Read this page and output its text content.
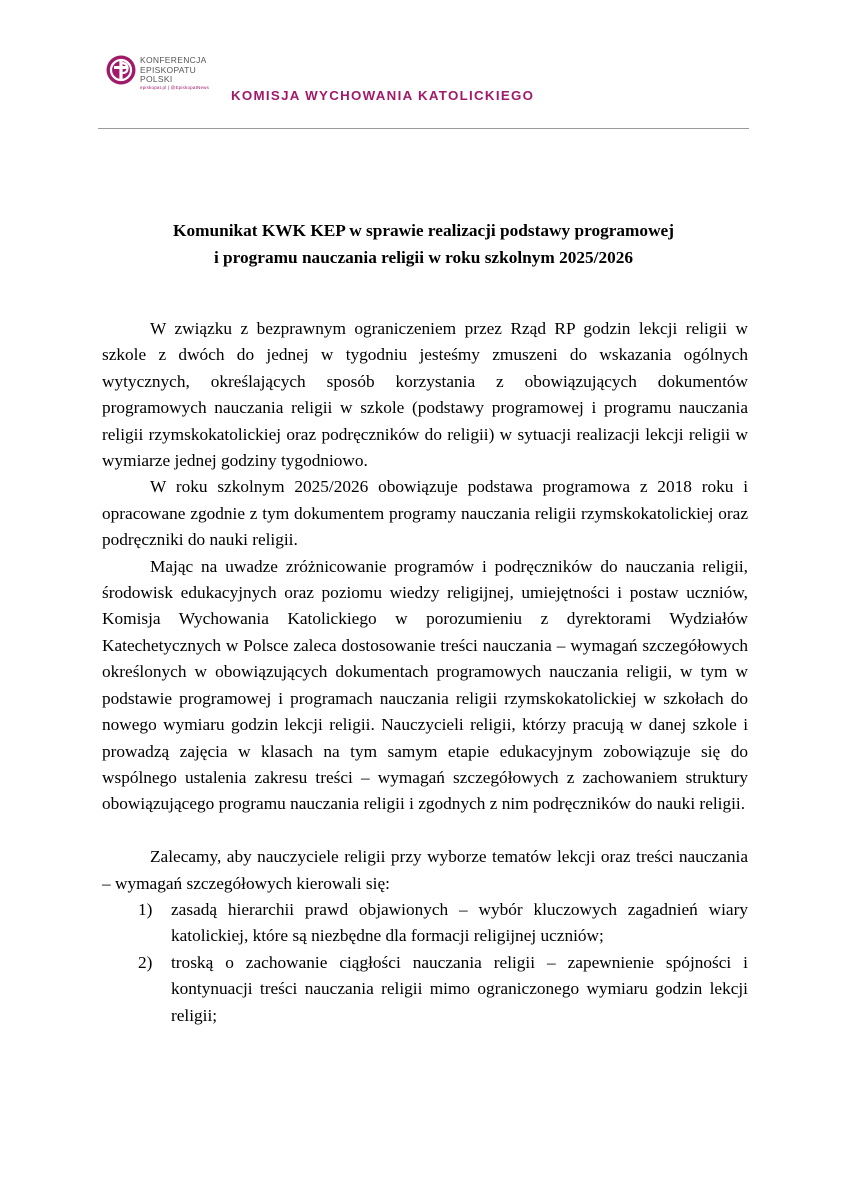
KONFERENCJA
EPISKOPATU
POLSKI
episkopat.pl | @EpiskopatNews
KOMISJA WYCHOWANIA KATOLICKIEGO
Komunikat KWK KEP w sprawie realizacji podstawy programowej
i programu nauczania religii w roku szkolnym 2025/2026

W związku z bezprawnym ograniczeniem przez Rząd RP godzin lekcji religii w szkole z dwóch do jednej w tygodniu jesteśmy zmuszeni do wskazania ogólnych wytycznych, określających sposób korzystania z obowiązujących dokumentów programowych nauczania religii w szkole (podstawy programowej i programu nauczania religii rzymskokatolickiej oraz podręczników do religii) w sytuacji realizacji lekcji religii w wymiarze jednej godziny tygodniowo.

W roku szkolnym 2025/2026 obowiązuje podstawa programowa z 2018 roku i opracowane zgodnie z tym dokumentem programy nauczania religii rzymskokatolickiej oraz podręczniki do nauki religii.

Mając na uwadze zróżnicowanie programów i podręczników do nauczania religii, środowisk edukacyjnych oraz poziomu wiedzy religijnej, umiejętności i postaw uczniów, Komisja Wychowania Katolickiego w porozumieniu z dyrektorami Wydziałów Katechetycznych w Polsce zaleca dostosowanie treści nauczania – wymagań szczegółowych określonych w obowiązujących dokumentach programowych nauczania religii, w tym w podstawie programowej i programach nauczania religii rzymskokatolickiej w szkołach do nowego wymiaru godzin lekcji religii. Nauczycieli religii, którzy pracują w danej szkole i prowadzą zajęcia w klasach na tym samym etapie edukacyjnym zobowiązuje się do wspólnego ustalenia zakresu treści – wymagań szczegółowych z zachowaniem struktury obowiązującego programu nauczania religii i zgodnych z nim podręczników do nauki religii.

Zalecamy, aby nauczyciele religii przy wyborze tematów lekcji oraz treści nauczania – wymagań szczegółowych kierowali się:

1) zasadą hierarchii prawd objawionych – wybór kluczowych zagadnień wiary katolickiej, które są niezbędne dla formacji religijnej uczniów;
2) troską o zachowanie ciągłości nauczania religii – zapewnienie spójności i kontynuacji treści nauczania religii mimo ograniczonego wymiaru godzin lekcji religii;
